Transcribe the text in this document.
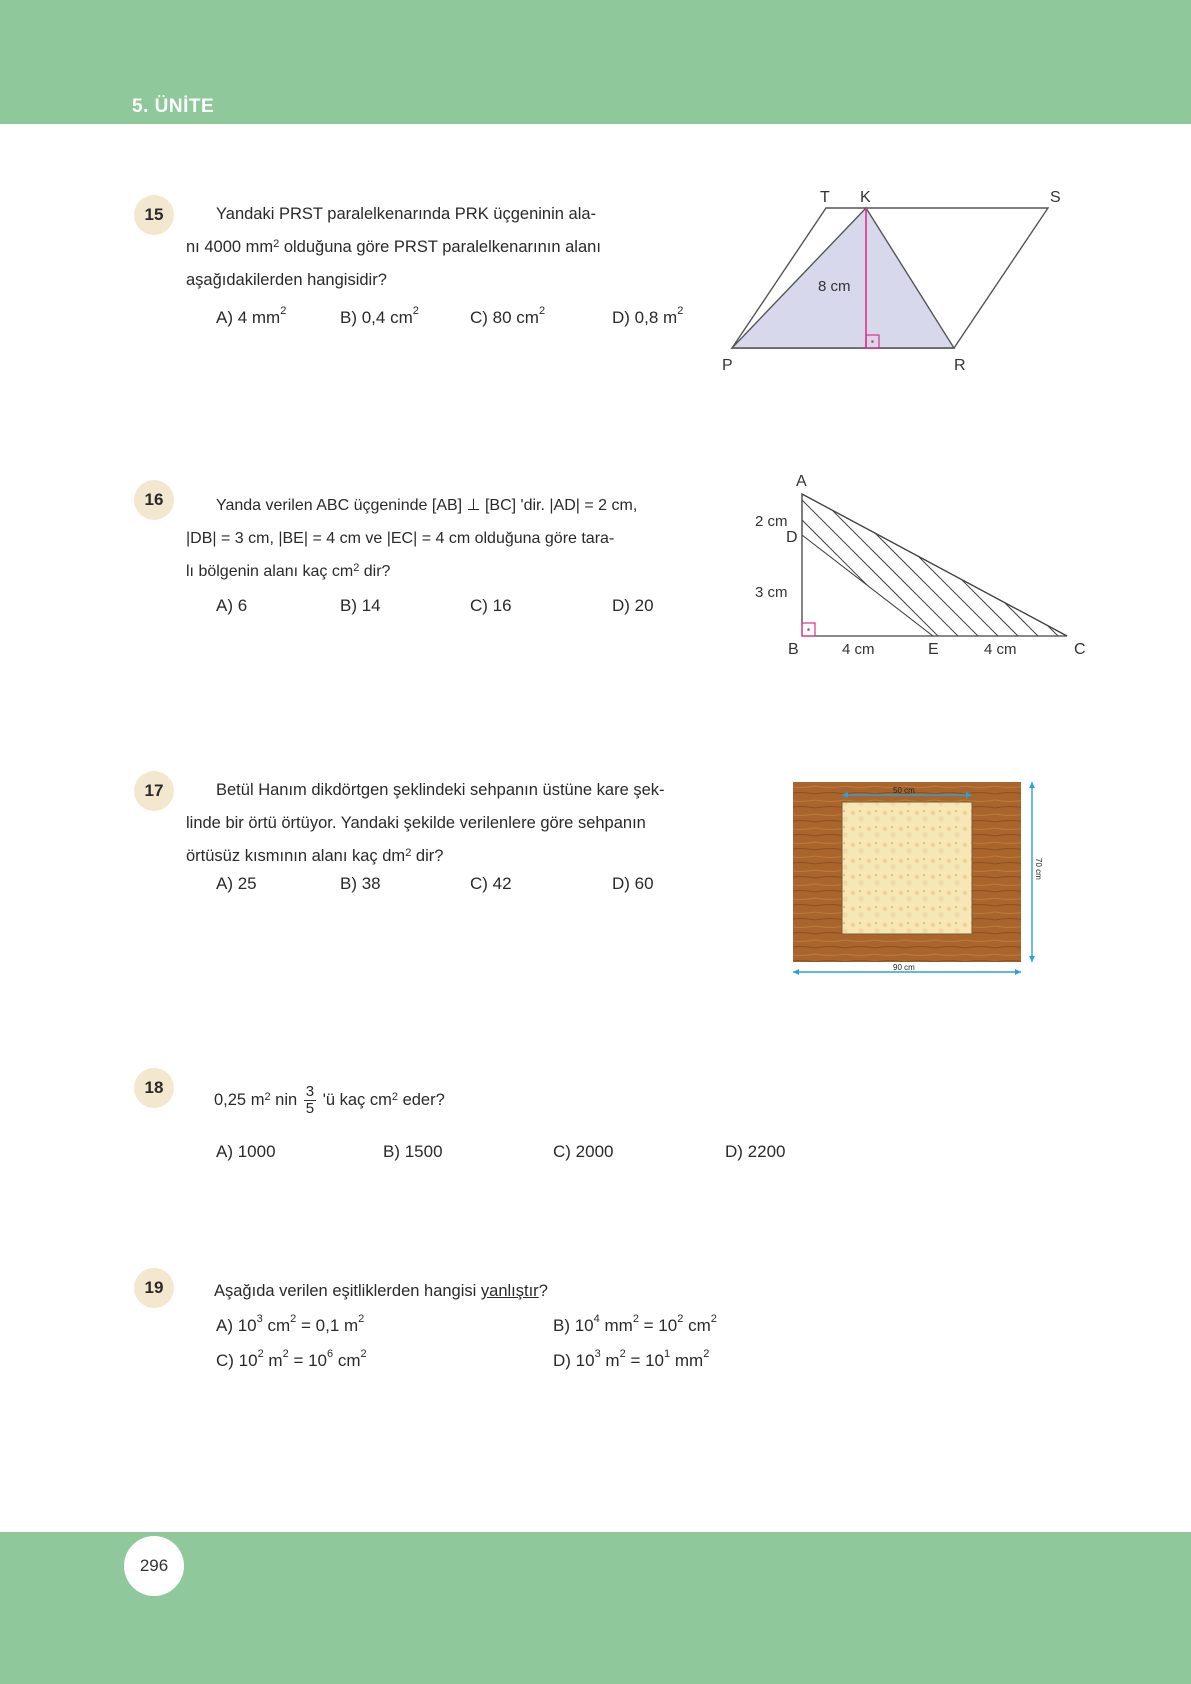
5. ÜNİTE
15	Yandaki PRST paralelkenarında PRK üçgeninin ala-
nı 4000 $mm^2$ olduğuna göre PRST paralelkenarının alanı
aşağıdakilerden hangisidir?
A) 4 $mm^2$	B) 0,4 $cm^2$	C) 80 $cm^2$	D) 0,8 $m^2$
T K	S
P	R
8 cm
16	Yanda verilen ABC üçgeninde [AB] ⊥ [BC] 'dir. |AD| = 2 cm,
|DB| = 3 cm, |BE| = 4 cm ve |EC| = 4 cm olduğuna göre tara-
lı bölgenin alanı kaç $cm^2$ dir?
A) 6	B) 14	C) 16	D) 20
A
D
B	E	C
2 cm
3 cm
4 cm	4 cm
17	Betül Hanım dikdörtgen şeklindeki sehpanın üstüne kare şek-
linde bir örtü örtüyor. Yandaki şekilde verilenlere göre sehpanın
örtüsüz kısmının alanı kaç $dm^2$ dir?
A) 25	B) 38	C) 42	D) 60
50 cm
70 cm
90 cm
18
0,25 $m^2$ nin $\frac{3}{5}$ 'ü kaç $cm^2$ eder?
A) 1000	B) 1500	C) 2000	D) 2200
19	Aşağıda verilen eşitliklerden hangisi yanlıştır?
A) $10^3$ $cm^2 = 0,1$ $m^2$	B) $10^4$ $mm^2 = 10^2$ $cm^2$
C) $10^2$ $m^2 = 10^6$ $cm^2$	D) $10^3$ $m^2 = 10^1$ $mm^2$
296
